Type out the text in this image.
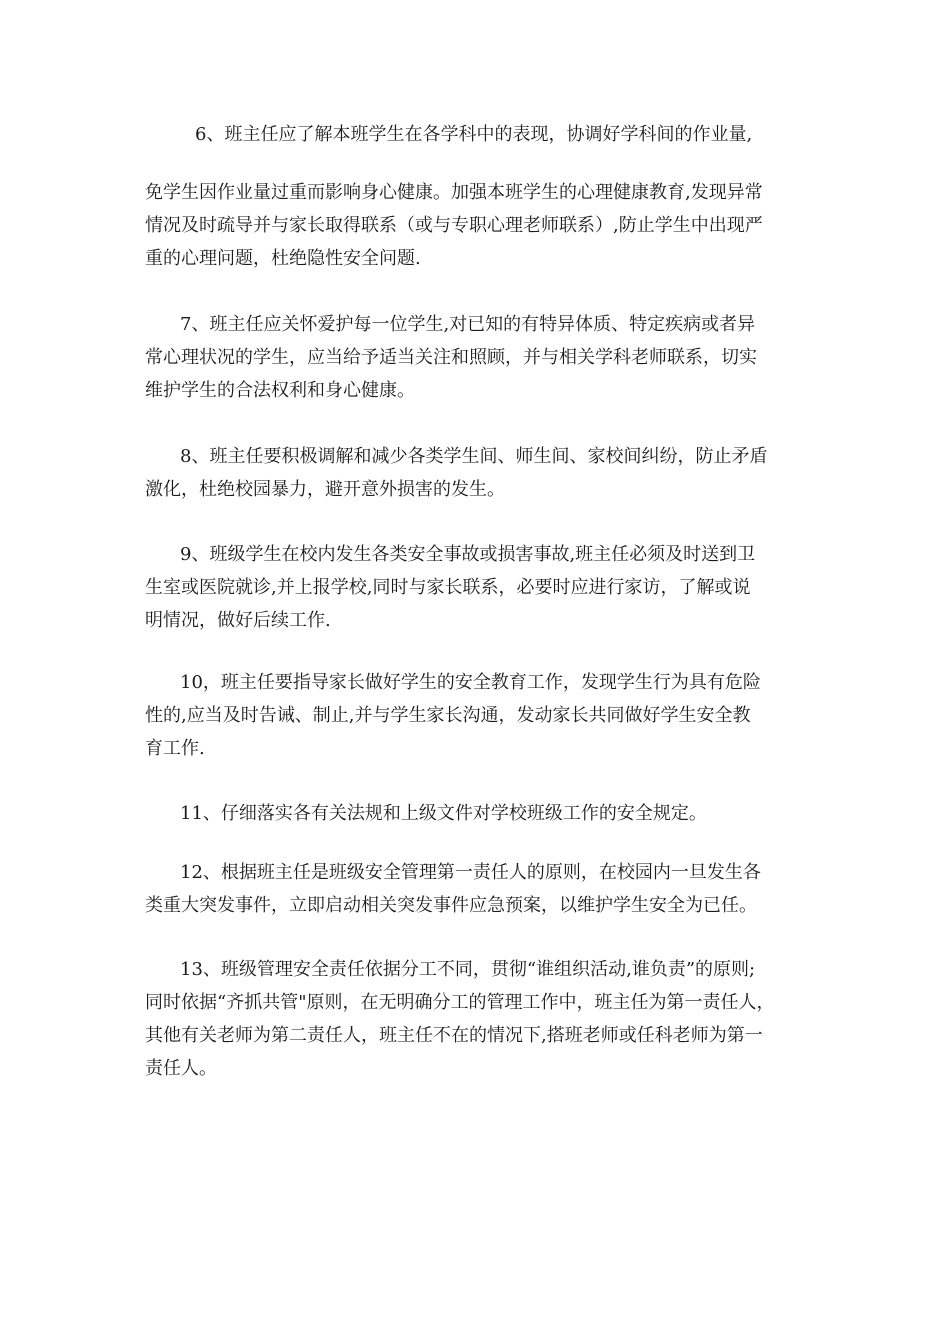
6、班主任应了解本班学生在各学科中的表现，协调好学科间的作业量,

免学生因作业量过重而影响身心健康。加强本班学生的心理健康教育,发现异常
情况及时疏导并与家长取得联系（或与专职心理老师联系）,防止学生中出现严
重的心理问题，杜绝隐性安全问题.

7、班主任应关怀爱护每一位学生,对已知的有特异体质、特定疾病或者异
常心理状况的学生，应当给予适当关注和照顾，并与相关学科老师联系，切实
维护学生的合法权利和身心健康。

8、班主任要积极调解和减少各类学生间、师生间、家校间纠纷，防止矛盾
激化，杜绝校园暴力，避开意外损害的发生。

9、班级学生在校内发生各类安全事故或损害事故,班主任必须及时送到卫
生室或医院就诊,并上报学校,同时与家长联系，必要时应进行家访，了解或说
明情况，做好后续工作.

10，班主任要指导家长做好学生的安全教育工作，发现学生行为具有危险
性的,应当及时告诫、制止,并与学生家长沟通，发动家长共同做好学生安全教
育工作.

11、仔细落实各有关法规和上级文件对学校班级工作的安全规定。

12、根据班主任是班级安全管理第一责任人的原则，在校园内一旦发生各
类重大突发事件，立即启动相关突发事件应急预案，以维护学生安全为已任。

13、班级管理安全责任依据分工不同，贯彻“谁组织活动,谁负责”的原则;
同时依据“齐抓共管"原则，在无明确分工的管理工作中，班主任为第一责任人，
其他有关老师为第二责任人，班主任不在的情况下,搭班老师或任科老师为第一
责任人。
